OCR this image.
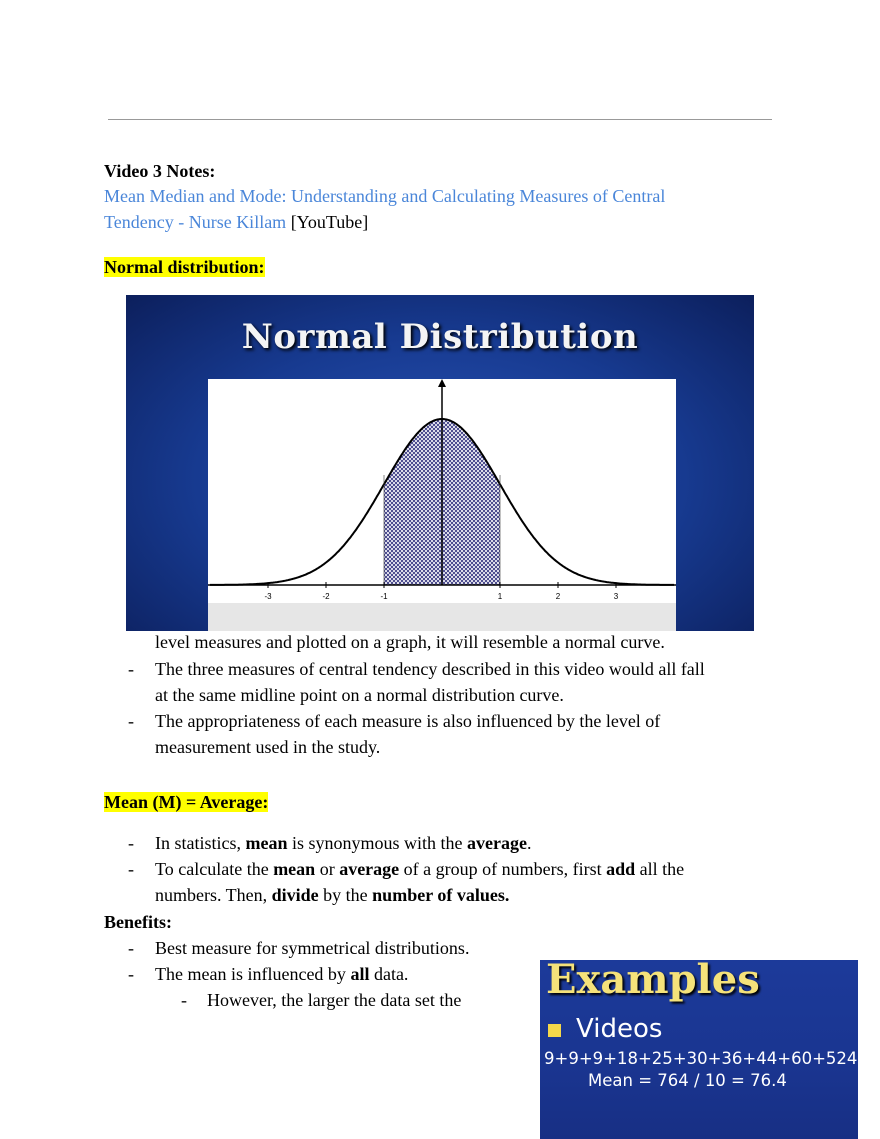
Video 3 Notes:
Mean Median and Mode: Understanding and Calculating Measures of Central
Tendency - Nurse Killam [YouTube]
Normal distribution:
Normal Distribution
-3	-2	-1	1	2	3
level measures and plotted on a graph, it will resemble a normal curve.
-	The three measures of central tendency described in this video would all fall
at the same midline point on a normal distribution curve.
-	The appropriateness of each measure is also influenced by the level of
measurement used in the study.
Mean (M) = Average:
-	In statistics, mean is synonymous with the average.
-	To calculate the mean or average of a group of numbers, first add all the
numbers. Then, divide by the number of values.
Benefits:
-	Best measure for symmetrical distributions.
-	The mean is influenced by all data.
-	However, the larger the data set the Examples
Videos
9+9+9+18+25+30+36+44+60+524
Mean = 764 / 10 = 76.4
